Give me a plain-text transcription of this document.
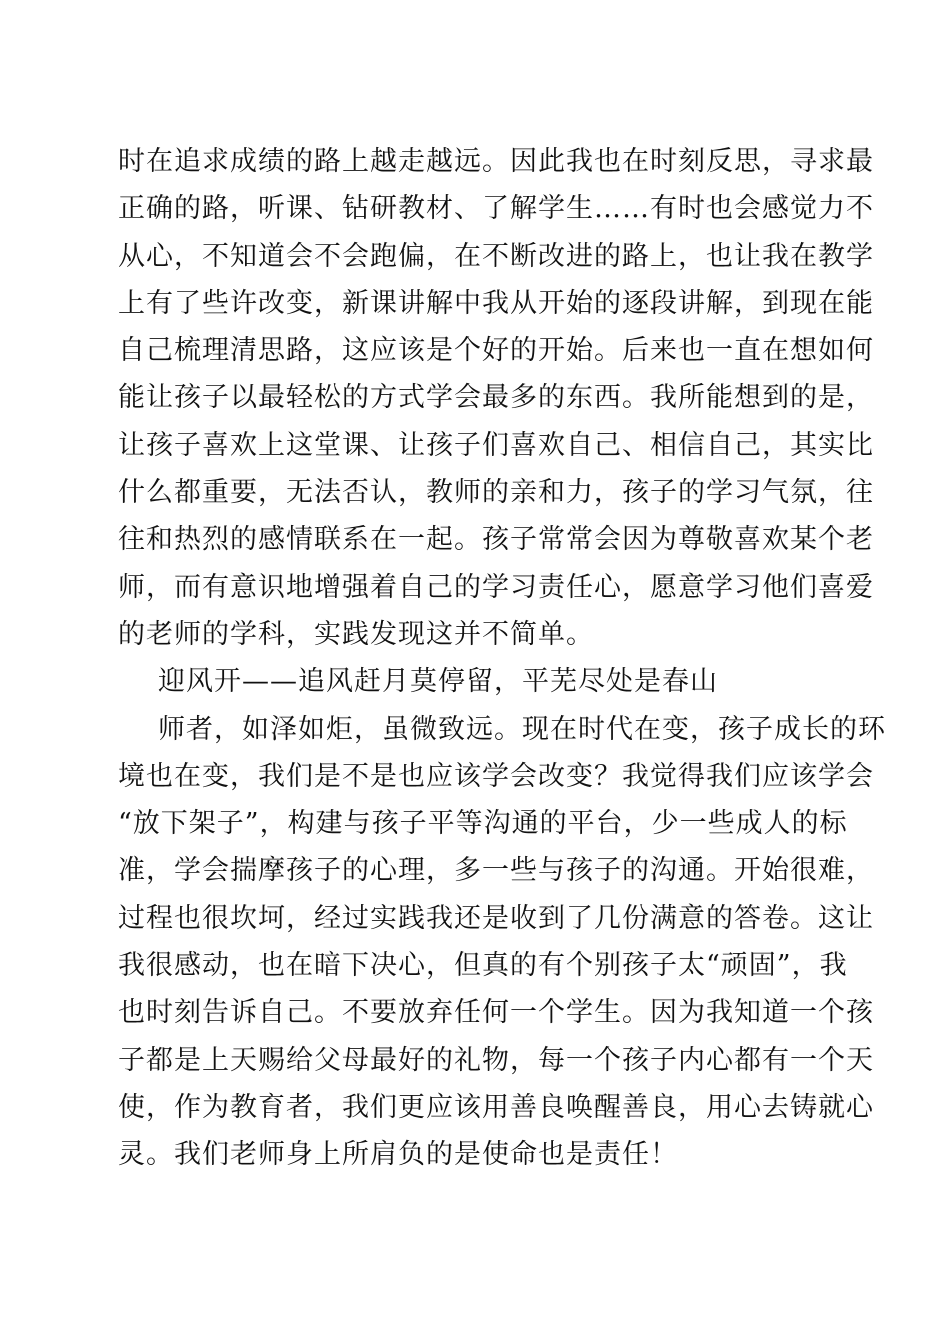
时在追求成绩的路上越走越远。因此我也在时刻反思，寻求最
正确的路，听课、钻研教材、了解学生……有时也会感觉力不
从心，不知道会不会跑偏，在不断改进的路上，也让我在教学
上有了些许改变，新课讲解中我从开始的逐段讲解，到现在能
自己梳理清思路，这应该是个好的开始。后来也一直在想如何
能让孩子以最轻松的方式学会最多的东西。我所能想到的是，
让孩子喜欢上这堂课、让孩子们喜欢自己、相信自己，其实比
什么都重要，无法否认，教师的亲和力，孩子的学习气氛，往
往和热烈的感情联系在一起。孩子常常会因为尊敬喜欢某个老
师，而有意识地增强着自己的学习责任心，愿意学习他们喜爱
的老师的学科，实践发现这并不简单。
迎风开——追风赶月莫停留，平芜尽处是春山
师者，如泽如炬，虽微致远。现在时代在变，孩子成长的环
境也在变，我们是不是也应该学会改变？我觉得我们应该学会
“放下架子”，构建与孩子平等沟通的平台，少一些成人的标
准，学会揣摩孩子的心理，多一些与孩子的沟通。开始很难，
过程也很坎坷，经过实践我还是收到了几份满意的答卷。这让
我很感动，也在暗下决心，但真的有个别孩子太“顽固”，我
也时刻告诉自己。不要放弃任何一个学生。因为我知道一个孩
子都是上天赐给父母最好的礼物，每一个孩子内心都有一个天
使，作为教育者，我们更应该用善良唤醒善良，用心去铸就心
灵。我们老师身上所肩负的是使命也是责任！
